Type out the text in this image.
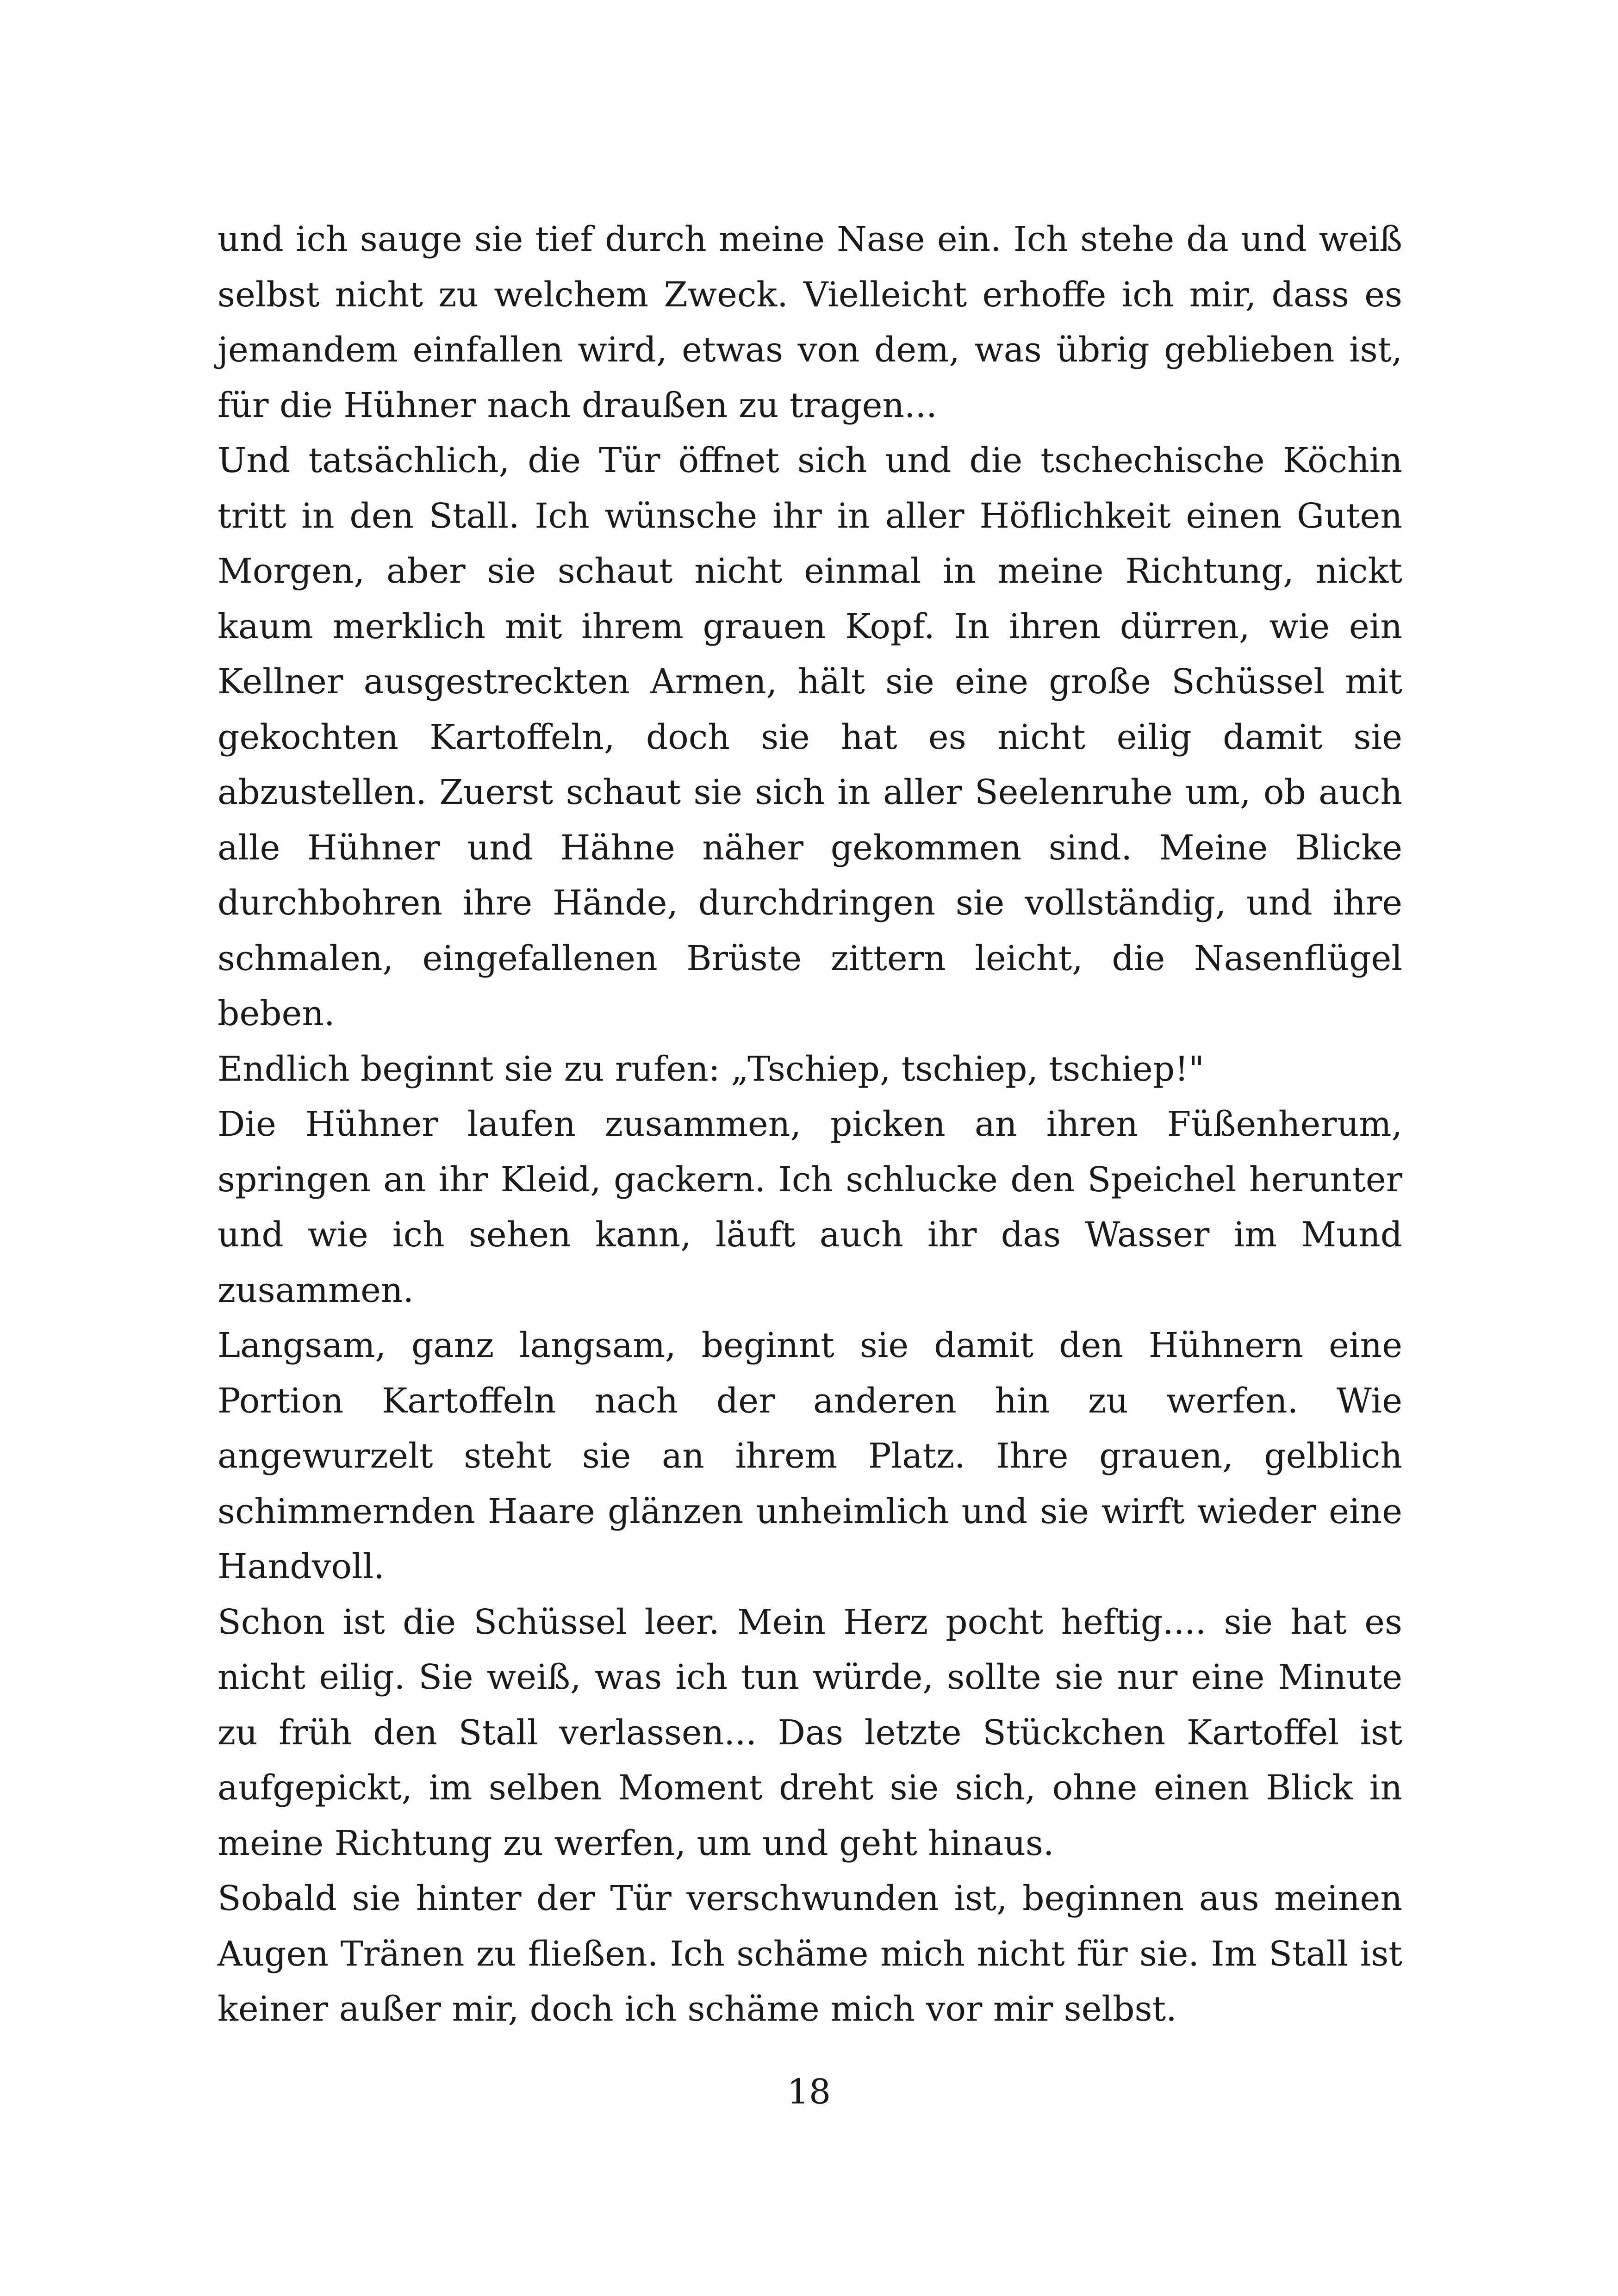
und ich sauge sie tief durch meine Nase ein. Ich stehe da und weiß selbst nicht zu welchem Zweck. Vielleicht erhoffe ich mir, dass es jemandem einfallen wird, etwas von dem, was übrig geblieben ist, für die Hühner nach draußen zu tragen...

Und tatsächlich, die Tür öffnet sich und die tschechische Köchin tritt in den Stall. Ich wünsche ihr in aller Höflichkeit einen Guten Morgen, aber sie schaut nicht einmal in meine Richtung, nickt kaum merklich mit ihrem grauen Kopf. In ihren dürren, wie ein Kellner ausgestreckten Armen, hält sie eine große Schüssel mit gekochten Kartoffeln, doch sie hat es nicht eilig damit sie abzustellen. Zuerst schaut sie sich in aller Seelenruhe um, ob auch alle Hühner und Hähne näher gekommen sind. Meine Blicke durchbohren ihre Hände, durchdringen sie vollständig, und ihre schmalen, eingefallenen Brüste zittern leicht, die Nasenflügel beben.

Endlich beginnt sie zu rufen: „Tschiep, tschiep, tschiep!"

Die Hühner laufen zusammen, picken an ihren Füßenherum, springen an ihr Kleid, gackern. Ich schlucke den Speichel herunter und wie ich sehen kann, läuft auch ihr das Wasser im Mund zusammen.

Langsam, ganz langsam, beginnt sie damit den Hühnern eine Portion Kartoffeln nach der anderen hin zu werfen. Wie angewurzelt steht sie an ihrem Platz. Ihre grauen, gelblich schimmernden Haare glänzen unheimlich und sie wirft wieder eine Handvoll.

Schon ist die Schüssel leer. Mein Herz pocht heftig.... sie hat es nicht eilig. Sie weiß, was ich tun würde, sollte sie nur eine Minute zu früh den Stall verlassen... Das letzte Stückchen Kartoffel ist aufgepickt, im selben Moment dreht sie sich, ohne einen Blick in meine Richtung zu werfen, um und geht hinaus.

Sobald sie hinter der Tür verschwunden ist, beginnen aus meinen Augen Tränen zu fließen. Ich schäme mich nicht für sie. Im Stall ist keiner außer mir, doch ich schäme mich vor mir selbst.

18
